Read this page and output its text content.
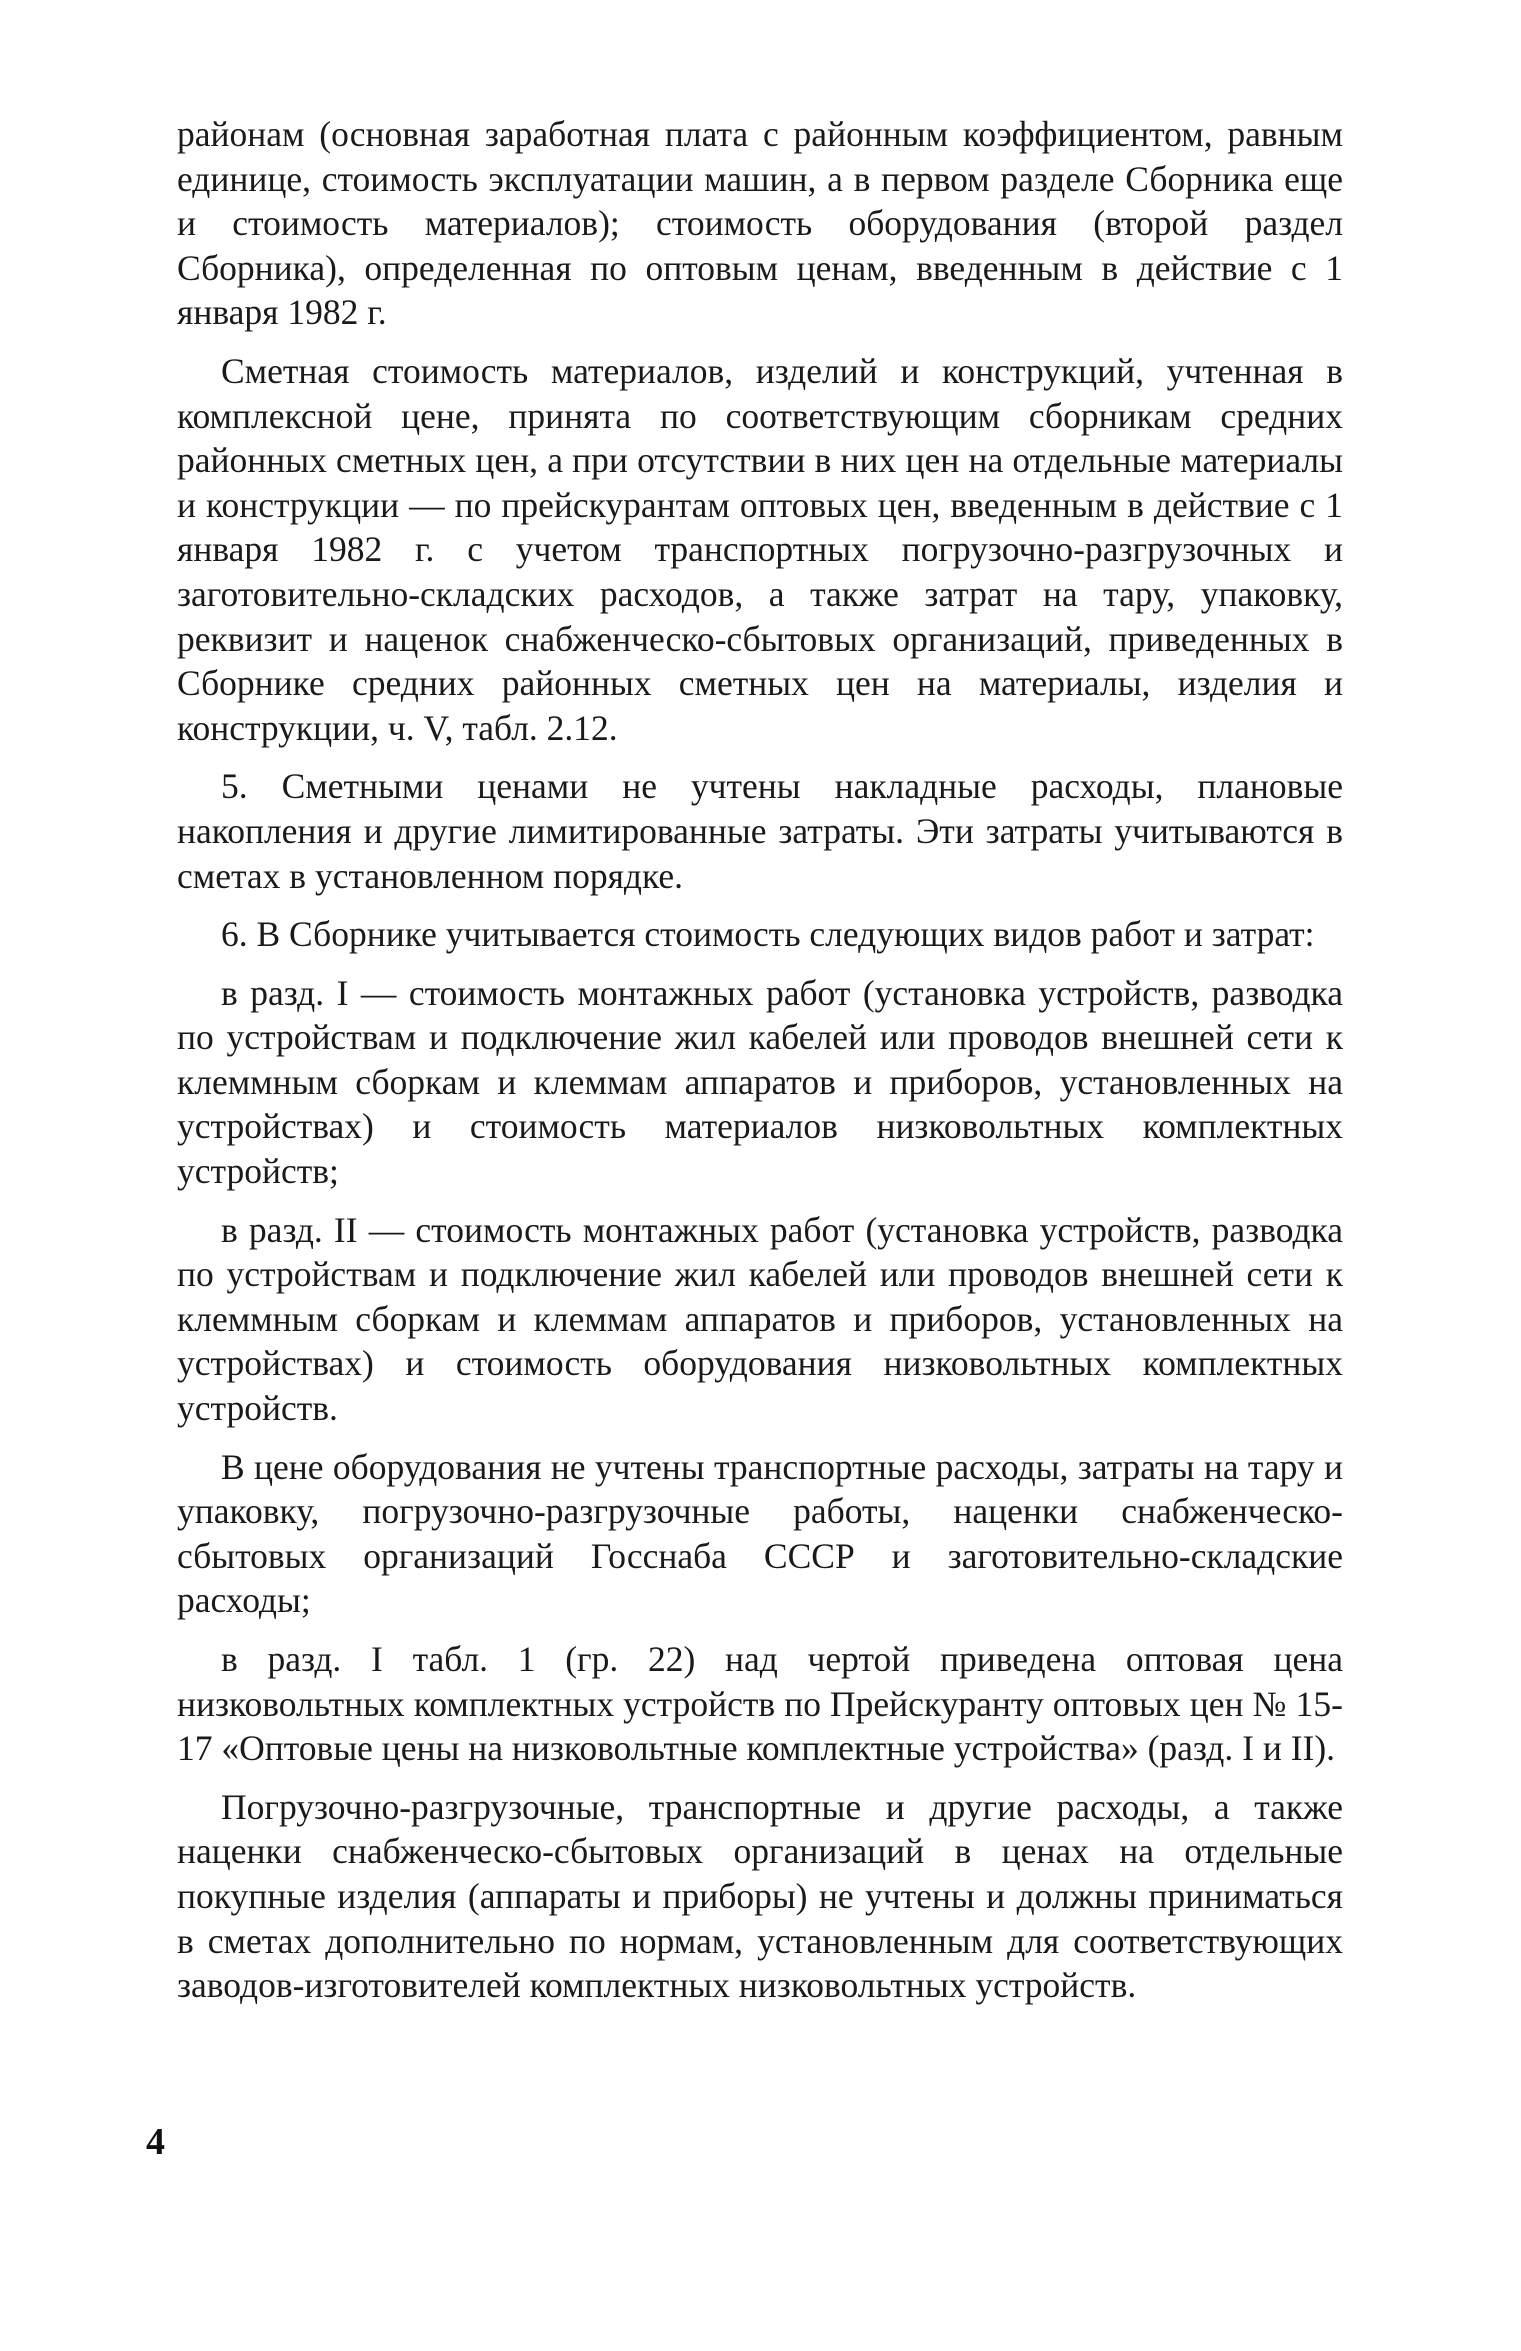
районам (основная заработная плата с районным коэффициентом, равным единице, стоимость эксплуатации машин, а в первом разделе Сборника еще и стоимость материалов); стоимость оборудования (второй раздел Сборника), определенная по оптовым ценам, введенным в действие с 1 января 1982 г.

Сметная стоимость материалов, изделий и конструкций, учтенная в комплексной цене, принята по соответствующим сборникам средних районных сметных цен, а при отсутствии в них цен на отдельные материалы и конструкции — по прейскурантам оптовых цен, введенным в действие с 1 января 1982 г. с учетом транспортных погрузочно-разгрузочных и заготовительно-складских расходов, а также затрат на тару, упаковку, реквизит и наценок снабженческо-сбытовых организаций, приведенных в Сборнике средних районных сметных цен на материалы, изделия и конструкции, ч. V, табл. 2.12.

5. Сметными ценами не учтены накладные расходы, плановые накопления и другие лимитированные затраты. Эти затраты учитываются в сметах в установленном порядке.

6. В Сборнике учитывается стоимость следующих видов работ и затрат:

в разд. I — стоимость монтажных работ (установка устройств, разводка по устройствам и подключение жил кабелей или проводов внешней сети к клеммным сборкам и клеммам аппаратов и приборов, установленных на устройствах) и стоимость материалов низковольтных комплектных устройств;

в разд. II — стоимость монтажных работ (установка устройств, разводка по устройствам и подключение жил кабелей или проводов внешней сети к клеммным сборкам и клеммам аппаратов и приборов, установленных на устройствах) и стоимость оборудования низковольтных комплектных устройств.

В цене оборудования не учтены транспортные расходы, затраты на тару и упаковку, погрузочно-разгрузочные работы, наценки снабженческо-сбытовых организаций Госснаба СССР и заготовительно-складские расходы;

в разд. I табл. 1 (гр. 22) над чертой приведена оптовая цена низковольтных комплектных устройств по Прейскуранту оптовых цен № 15-17 «Оптовые цены на низковольтные комплектные устройства» (разд. I и II).

Погрузочно-разгрузочные, транспортные и другие расходы, а также наценки снабженческо-сбытовых организаций в ценах на отдельные покупные изделия (аппараты и приборы) не учтены и должны приниматься в сметах дополнительно по нормам, установленным для соответствующих заводов-изготовителей комплектных низковольтных устройств.

4
